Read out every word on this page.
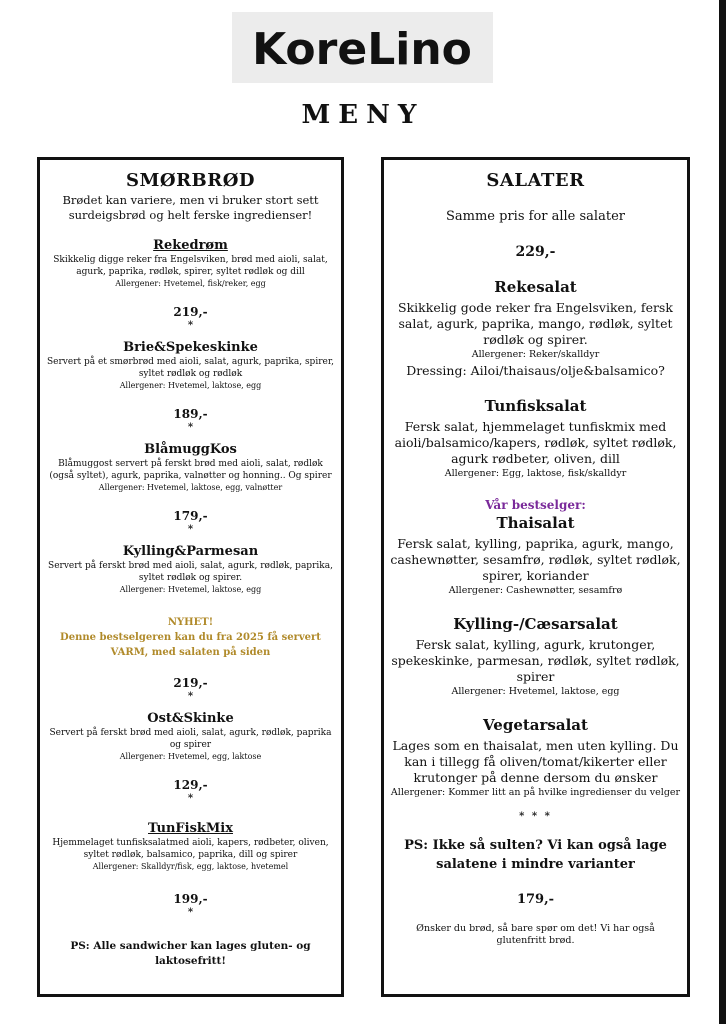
KoreLino
MENY
SMØRBRØD
Brødet kan variere, men vi bruker stort sett surdeigsbrød og helt ferske ingredienser!
Rekedrøm
Skikkelig digge reker fra Engelsviken, brød med aioli, salat, agurk, paprika, rødløk, spirer, syltet rødløk og dill
Allergener: Hvetemel, fisk/reker, egg
219,-
*
Brie&Spekeskinke
Servert på et smørbrød med aioli, salat, agurk, paprika, spirer, syltet rødløk og rødløk
Allergener: Hvetemel, laktose, egg
189,-
*
BlåmuggKos
Blåmuggost servert på ferskt brød med aioli, salat, rødløk (også syltet), agurk, paprika, valnøtter og honning.. Og spirer
Allergener: Hvetemel, laktose, egg, valnøtter
179,-
*
Kylling&Parmesan
Servert på ferskt brød med aioli, salat, agurk, rødløk, paprika, syltet rødløk og spirer.
Allergener: Hvetemel, laktose, egg
NYHET!
Denne bestselgeren kan du fra 2025 få servert VARM, med salaten på siden
219,-
*
Ost&Skinke
Servert på ferskt brød med aioli, salat, agurk, rødløk, paprika og spirer
Allergener: Hvetemel, egg, laktose
129,-
*
TunFiskMix
Hjemmelaget tunfisksalatmed aioli, kapers, rødbeter, oliven, syltet rødløk, balsamico, paprika, dill og spirer
Allergener: Skalldyr/fisk, egg, laktose, hvetemel
199,-
*
PS: Alle sandwicher kan lages gluten- og laktosefritt!
SALATER
Samme pris for alle salater
229,-
Rekesalat
Skikkelig gode reker fra Engelsviken, fersk salat, agurk, paprika, mango, rødløk, syltet rødløk og spirer.
Allergener: Reker/skalldyr
Dressing: Ailoi/thaisaus/olje&balsamico?
Tunfisksalat
Fersk salat, hjemmelaget tunfiskmix med aioli/balsamico/kapers, rødløk, syltet rødløk, agurk rødbeter, oliven, dill
Allergener: Egg, laktose, fisk/skalldyr
Vår bestselger:
Thaisalat
Fersk salat, kylling, paprika, agurk, mango, cashewnøtter, sesamfrø, rødløk, syltet rødløk, spirer, koriander
Allergener: Cashewnøtter, sesamfrø
Kylling-/Cæsarsalat
Fersk salat, kylling, agurk, krutonger, spekeskinke, parmesan, rødløk, syltet rødløk, spirer
Allergener: Hvetemel, laktose, egg
Vegetarsalat
Lages som en thaisalat, men uten kylling. Du kan i tillegg få oliven/tomat/kikerter eller krutonger på denne dersom du ønsker
Allergener: Kommer litt an på hvilke ingredienser du velger
* * *
PS: Ikke så sulten? Vi kan også lage salatene i mindre varianter
179,-
Ønsker du brød, så bare spør om det! Vi har også glutenfritt brød.
